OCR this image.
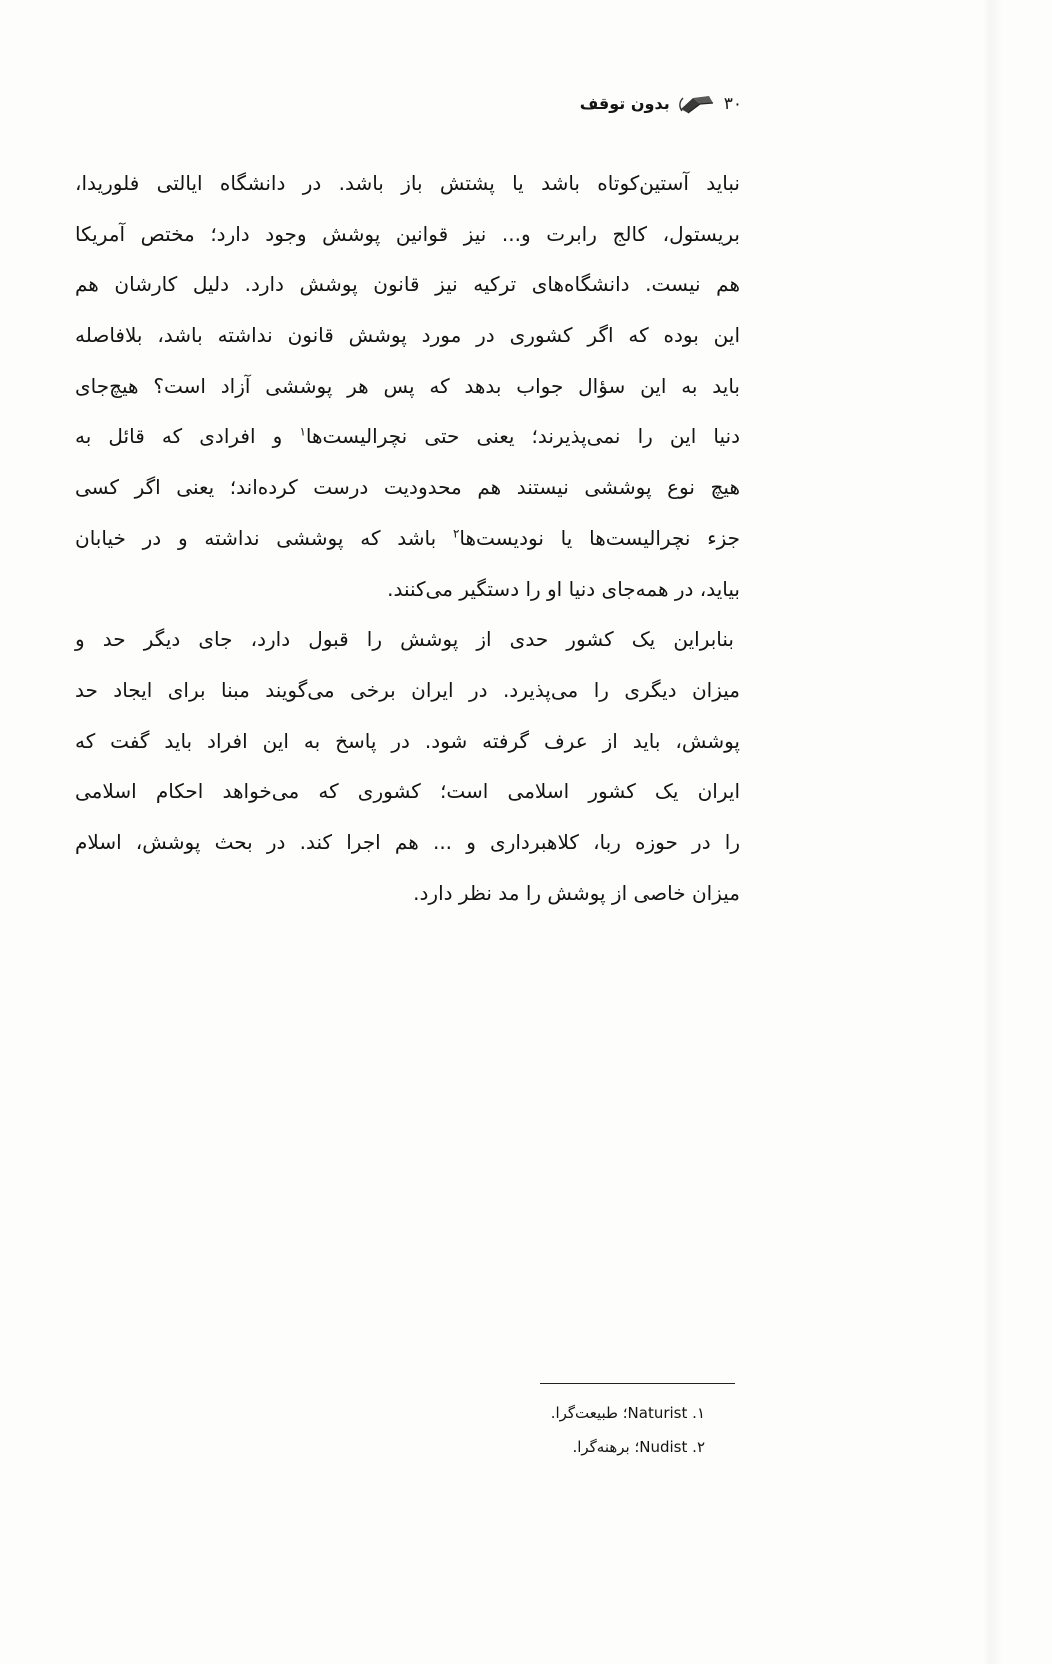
۳۰
بدون توقف
نباید آستین‌کوتاه باشد یا پشتش باز باشد. در دانشگاه ایالتی فلوریدا،
بریستول، کالج رابرت و... نیز قوانین پوشش وجود دارد؛ مختص آمریکا
هم نیست. دانشگاه‌های ترکیه نیز قانون پوشش دارد. دلیل کارشان هم
این بوده که اگر کشوری در مورد پوشش قانون نداشته باشد، بلافاصله
باید به این سؤال جواب بدهد که پس هر پوششی آزاد است؟ هیچ‌جای
دنیا این را نمی‌پذیرند؛ یعنی حتی نچرالیست‌ها$^۱$ و افرادی که قائل به
هیچ نوع پوششی نیستند هم محدودیت درست کرده‌اند؛ یعنی اگر کسی
جزء نچرالیست‌ها یا نودیست‌ها$^۲$ باشد که پوششی نداشته و در خیابان
بیاید، در همه‌جای دنیا او را دستگیر می‌کنند.
بنابراین یک کشور حدی از پوشش را قبول دارد، جای دیگر حد و
میزان دیگری را می‌پذیرد. در ایران برخی می‌گویند مبنا برای ایجاد حد
پوشش، باید از عرف گرفته شود. در پاسخ به این افراد باید گفت که
ایران یک کشور اسلامی است؛ کشوری که می‌خواهد احکام اسلامی
را در حوزه ربا، کلاهبرداری و ... هم اجرا کند. در بحث پوشش، اسلام
میزان خاصی از پوشش را مد نظر دارد.
۱. Naturist؛ طبیعت‌گرا.
۲. Nudist؛ برهنه‌گرا.
